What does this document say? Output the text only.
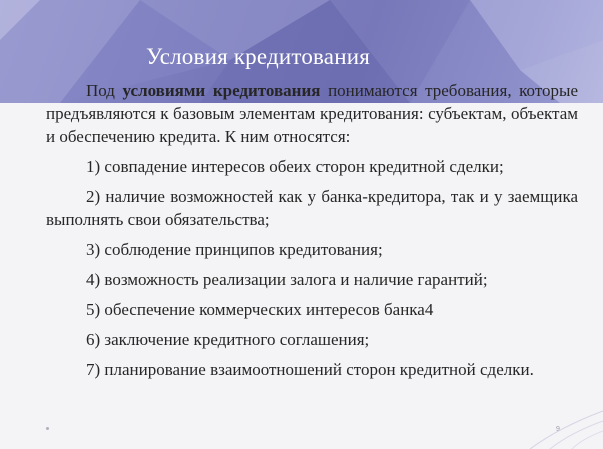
Условия кредитования

Под условиями кредитования понимаются требования, которые предъявляются к базовым элементам кредитования: субъектам, объектам и обеспечению кредита. К ним относятся:

1) совпадение интересов обеих сторон кредитной сделки;

2) наличие возможностей как у банка-кредитора, так и у заемщика выполнять свои обязательства;

3) соблюдение принципов кредитования;

4) возможность реализации залога и наличие гарантий;

5) обеспечение коммерческих интересов банка4

6) заключение кредитного соглашения;

7) планирование взаимоотношений сторон кредитной сделки.

9
